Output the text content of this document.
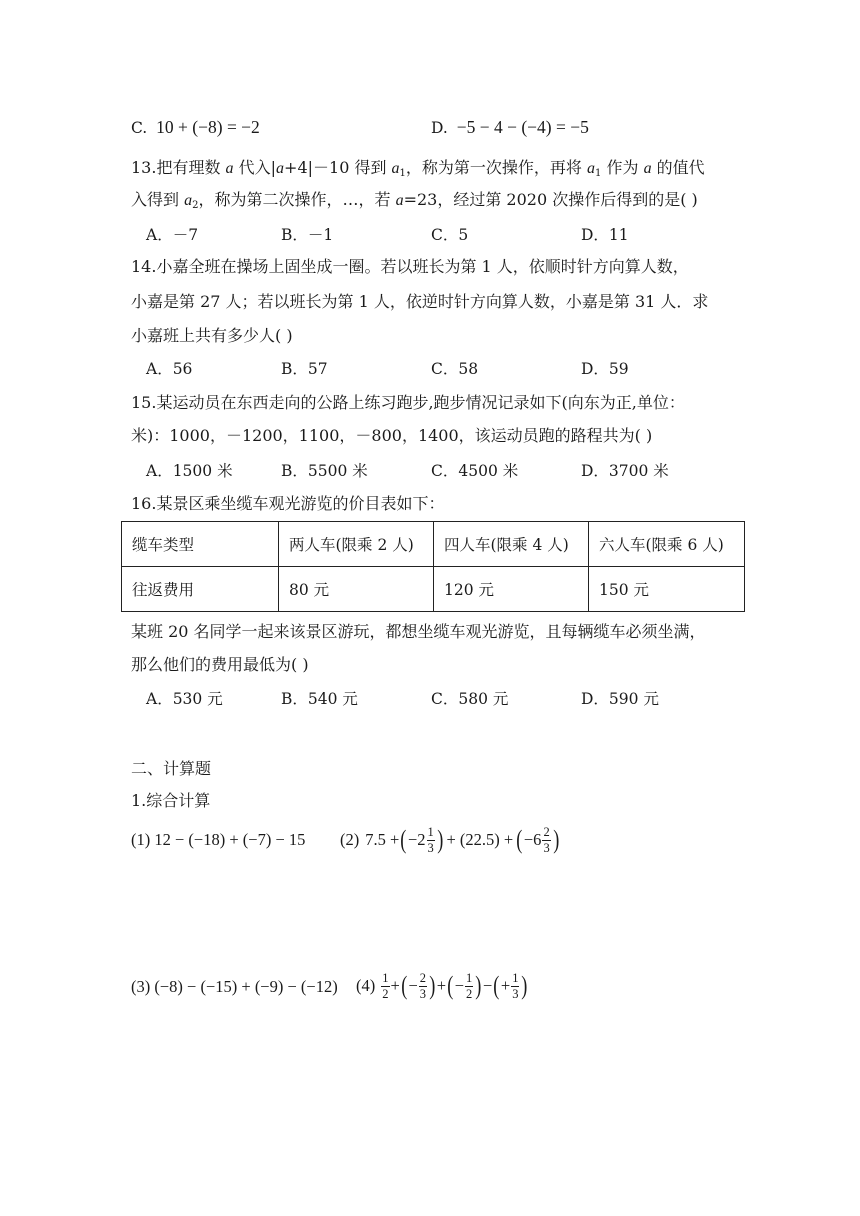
C. 10 + (−8) = −2	D. −5 − 4 − (−4) = −5
13.把有理数 a 代入|a+4|－10 得到 $a_1$，称为第一次操作，再将 $a_1$ 作为 a 的值代
入得到 $a_2$，称为第二次操作，…，若 a=23，经过第 2020 次操作后得到的是( )
A．－7	B．－1	C．5	D．11
14.小嘉全班在操场上固坐成一圈。若以班长为第 1 人，依顺时针方向算人数，
小嘉是第 27 人；若以班长为第 1 人，依逆时针方向算人数，小嘉是第 31 人．求
小嘉班上共有多少人( )
A．56	B．57	C．58	D．59
15.某运动员在东西走向的公路上练习跑步,跑步情况记录如下(向东为正,单位：
米)：1000，－1200，1100，－800，1400，该运动员跑的路程共为( )
A．1500 米	B．5500 米	C．4500 米	D．3700 米
16.某景区乘坐缆车观光游览的价目表如下：
缆车类型	两人车(限乘 2 人)	四人车(限乘 4 人)	六人车(限乘 6 人)
往返费用	80 元	120 元	150 元
某班 20 名同学一起来该景区游玩，都想坐缆车观光游览，且每辆缆车必须坐满，
那么他们的费用最低为( )
A．530 元	B．540 元	C．580 元	D．590 元
二、计算题
1.综合计算
(1) 12 − (−18) + (−7) − 15 (2) 7.5 + ( $-2 \frac{1}{3}$ ) + (22.5) + ( $-6 \frac{2}{3}$ )
(3) (−8) − (−15) + (−9) − (−12) $(4) \frac{1}{2}$ + ( − $\frac{2}{3}$ ) + ( − $\frac{1}{2}$ ) − ( + $\frac{1}{3}$ )
